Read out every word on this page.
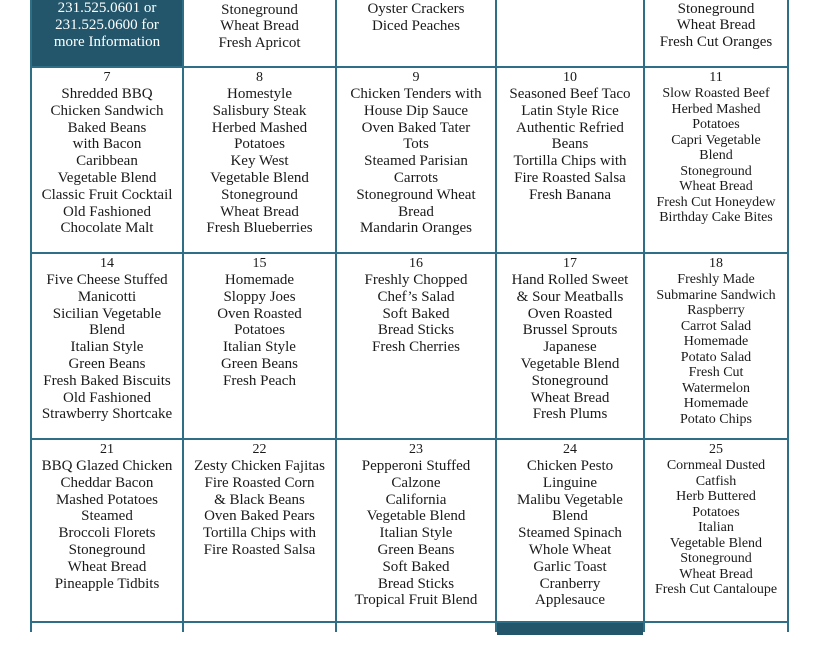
231.525.0601 or
231.525.0600 for
more Information
Stoneground
Wheat Bread
Fresh Apricot
Oyster Crackers
Diced Peaches
Stoneground
Wheat Bread
Fresh Cut Oranges
7
Shredded BBQ
Chicken Sandwich
Baked Beans
with Bacon
Caribbean
Vegetable Blend
Classic Fruit Cocktail
Old Fashioned
Chocolate Malt
8
Homestyle
Salisbury Steak
Herbed Mashed
Potatoes
Key West
Vegetable Blend
Stoneground
Wheat Bread
Fresh Blueberries
9
Chicken Tenders with
House Dip Sauce
Oven Baked Tater
Tots
Steamed Parisian
Carrots
Stoneground Wheat
Bread
Mandarin Oranges
10
Seasoned Beef Taco
Latin Style Rice
Authentic Refried
Beans
Tortilla Chips with
Fire Roasted Salsa
Fresh Banana
11
Slow Roasted Beef
Herbed Mashed
Potatoes
Capri Vegetable
Blend
Stoneground
Wheat Bread
Fresh Cut Honeydew
Birthday Cake Bites
14
Five Cheese Stuffed
Manicotti
Sicilian Vegetable
Blend
Italian Style
Green Beans
Fresh Baked Biscuits
Old Fashioned
Strawberry Shortcake
15
Homemade
Sloppy Joes
Oven Roasted
Potatoes
Italian Style
Green Beans
Fresh Peach
16
Freshly Chopped
Chef’s Salad
Soft Baked
Bread Sticks
Fresh Cherries
17
Hand Rolled Sweet
& Sour Meatballs
Oven Roasted
Brussel Sprouts
Japanese
Vegetable Blend
Stoneground
Wheat Bread
Fresh Plums
18
Freshly Made
Submarine Sandwich
Raspberry
Carrot Salad
Homemade
Potato Salad
Fresh Cut
Watermelon
Homemade
Potato Chips
21
BBQ Glazed Chicken
Cheddar Bacon
Mashed Potatoes
Steamed
Broccoli Florets
Stoneground
Wheat Bread
Pineapple Tidbits
22
Zesty Chicken Fajitas
Fire Roasted Corn
& Black Beans
Oven Baked Pears
Tortilla Chips with
Fire Roasted Salsa
23
Pepperoni Stuffed
Calzone
California
Vegetable Blend
Italian Style
Green Beans
Soft Baked
Bread Sticks
Tropical Fruit Blend
24
Chicken Pesto
Linguine
Malibu Vegetable
Blend
Steamed Spinach
Whole Wheat
Garlic Toast
Cranberry
Applesauce
25
Cornmeal Dusted
Catfish
Herb Buttered
Potatoes
Italian
Vegetable Blend
Stoneground
Wheat Bread
Fresh Cut Cantaloupe
